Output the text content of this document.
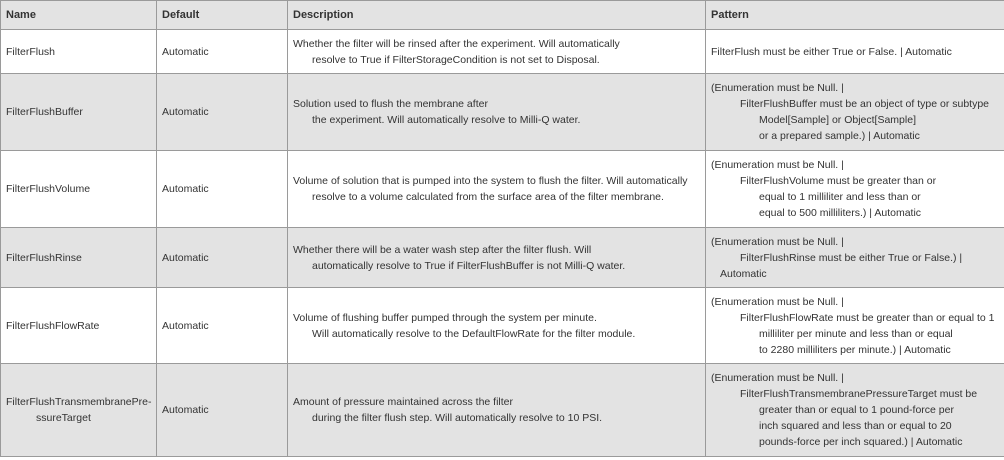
Name	Default	Description	Pattern

FilterFlush	Automatic	Whether the filter will be rinsed after the experiment. Will automatically
resolve to True if FilterStorageCondition is not set to Disposal.	FilterFlush must be either True or False. | Automatic

FilterFlushBuffer	Automatic	Solution used to flush the membrane after
the experiment. Will automatically resolve to Milli-Q water.	(Enumeration must be Null. |
FilterFlushBuffer must be an object of type or subtype
Model[Sample] or Object[Sample]
or a prepared sample.) | Automatic

FilterFlushVolume	Automatic	Volume of solution that is pumped into the system to flush the filter. Will automatically
resolve to a volume calculated from the surface area of the filter membrane.	(Enumeration must be Null. |
FilterFlushVolume must be greater than or
equal to 1 milliliter and less than or
equal to 500 milliliters.) | Automatic

FilterFlushRinse	Automatic	Whether there will be a water wash step after the filter flush. Will
automatically resolve to True if FilterFlushBuffer is not Milli-Q water.	(Enumeration must be Null. |
FilterFlushRinse must be either True or False.) |
Automatic

FilterFlushFlowRate	Automatic	Volume of flushing buffer pumped through the system per minute.
Will automatically resolve to the DefaultFlowRate for the filter module.	(Enumeration must be Null. |
FilterFlushFlowRate must be greater than or equal to 1
milliliter per minute and less than or equal
to 2280 milliliters per minute.) | Automatic

FilterFlushTransmembranePre-
ssureTarget	Automatic	Amount of pressure maintained across the filter
during the filter flush step. Will automatically resolve to 10 PSI.	(Enumeration must be Null. |
FilterFlushTransmembranePressureTarget must be
greater than or equal to 1 pound-force per
inch squared and less than or equal to 20
pounds-force per inch squared.) | Automatic
